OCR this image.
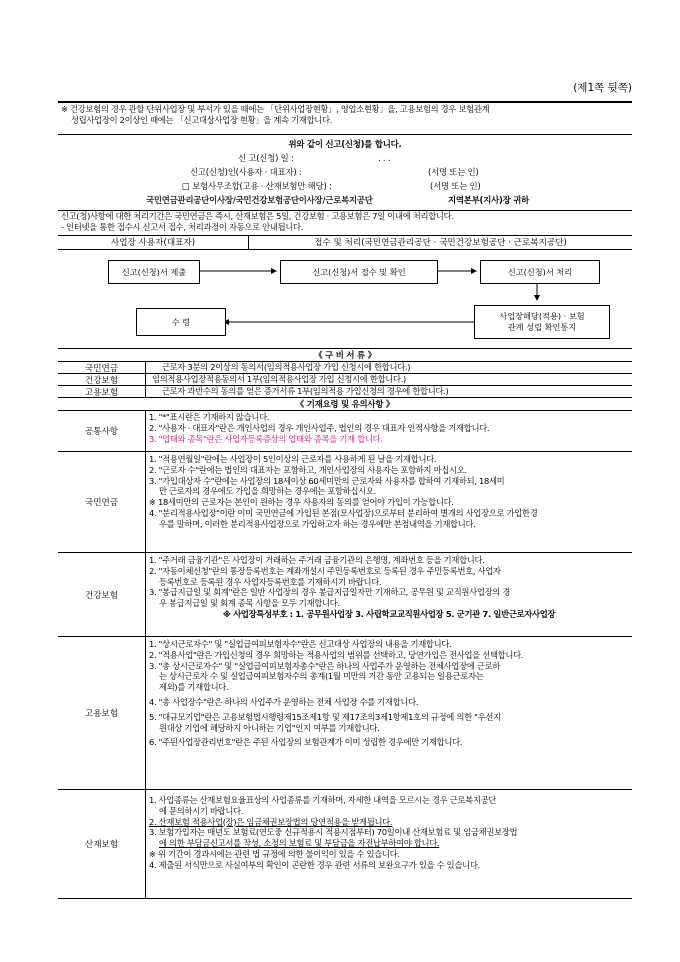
(제1쪽 뒷쪽)
※ 건강보험의 경우 관할 단위사업장 및 부서가 있을 때에는 「단위사업장현황」, 영업소현황」을, 고용보험의 경우 보험관계
성립사업장이 2이상인 때에는 「신고대상사업장 현황」을 계속 기재합니다.
위와 같이 신고(신청)를 합니다.
신 고(신청) 일 :	. . .
신고(신청)인(사용자 · 대표자) :	(서명 또는 인)
□ 보험사무조합(고용 · 산재보험만 해당) :	(서명 또는 인)
국민연금관리공단이사장/국민건강보험공단이사장/근로복지공단	지역본부(지사)장 귀하
신고(청)사항에 대한 처리기간은 국민연금은 즉시, 산재보험은 5일, 건강보험 · 고용보험은 7일 이내에 처리합니다.
- 인터넷을 통한 접수시 신고서 접수, 처리과정이 자동으로 안내됩니다.
사업장 사용자(대표자)	접수 및 처리(국민연금관리공단 · 국민건강보험공단 · 근로복지공단)
신고(신청)서 제출	신고(신청)서 접수 및 확인	신고(신청)서 처리
수 령
사업장해당(적용) · 보험
관계 성립 확인통지
《 구 비 서 류 》
국민연금	근로자 3분의 2이상의 동의서(임의적용사업장 가입 신청시에 한합니다.)
건강보험	임의적용사업장적용동의서 1부(임의적용사업장 가입 신청시에 한합니다.)
고용보험	근로자 과반수의 동의를 얻은 증거서류 1부(임의적용 가입신청의 경우에 한합니다.)
《 기재요령 및 유의사항 》
공통사항
1. "*"표시란은 기재하지 않습니다.
2. "사용자 · 대표자"란은 개인사업의 경우 개인사업주, 법인의 경우 대표자 인적사항을 기재합니다.
3. "업태와 종목"란은 사업자등록증상의 업태와 종목을 기재 합니다.
국민연금
1. "적용연월일"란에는 사업장이 5인이상의 근로자를 사용하게 된 날을 기재합니다.
2. "근로자 수"란에는 법인의 대표자는 포함하고, 개인사업장의 사용자는 포함하지 마십시오.
3. "가입대상자 수"란에는 사업장의 18세이상 60세미만의 근로자와 사용자를 합하여 기재하되, 18세미
만 근로자의 경우에도 가입을 희망하는 경우에는 포함하십시오.
※ 18세미만의 근로자는 본인이 원하는 경우 사용자의 동의를 얻어야 가입이 가능합니다.
4. "분리적용사업장"이란 이미 국민연금에 가입된 본점(모사업장)으로부터 분리하여 별개의 사업장으로 가입한경
우를 말하며, 이러한 분리적용사업장으로 가입하고자 하는 경우에만 본점내역을 기재합니다.
건강보험
1. "주거래 금융기관"은 사업장이 거래하는 주거래 금융기관의 은행명, 계좌번호 등을 기재합니다.
2. "자동이체신청"란의 통장등록번호는 계좌개설시 주민등록번호로 등록된 경우 주민등록번호, 사업자
등록번호로 등록된 경우 사업자등록번호를 기재하시기 바랍니다.
3. "봉급지급일 및 회계"란은 일반 사업장의 경우 봉급지급일자만 기재하고, 공무원 및 교직원사업장의 경
우 봉급지급일 및 회계 종목 사항을 모두 기재합니다.
※ 사업장특성부호 : 1. 공무원사업장 3. 사립학교교직원사업장 5. 군기관 7. 일반근로자사업장
고용보험
1. "상시근로자수" 및 "실업급여피보험자수"란은 신고대상 사업장의 내용을 기재합니다.
2. "적용사업"란은 가입신청의 경우 희망하는 적용사업의 범위를 선택하고, 당연가입은 전사업을 선택합니다.
3. "총 상시근로자수" 및 "실업급여피보험자총수"란은 하나의 사업주가 운영하는 전체사업장에 근로하
는 상시근로자 수 및 실업급여피보험자수의 총계(1월 미만의 기간 동안 고용되는 일용근로자는
제외)를 기재합니다.
4. "총 사업장수"란은 하나의 사업주가 운영하는 전체 사업장 수를 기재합니다.
5. "대규모기업"란은 고용보험법시행령제15조제1항 및 제17조의3제1항제1호의 규정에 의한 "우선지
원대상 기업에 해당하지 아니하는 기업"인지 여부를 기재합니다.
6. "주된사업장관리번호"란은 주된 사업장의 보험관계가 이미 성립한 경우에만 기재합니다.
산재보험
1. 사업종류는 산재보험요율표상의 사업종류를 기재하며, 자세한 내역을 모르시는 경우 근로복지공단
에 문의하시기 바랍니다.
2. 산재보험 적용사업(장)은 임금채권보장법의 당연적용을 받게됩니다.
3. 보험가입자는 매년도 보험료(연도중 신규적용시 적용시점부터) 70일이내 산재보험료 및 임금채권보장법
에 의한 부담금신고서를 작성, 소정의 보험료 및 부담금을 자진납부하여야 합니다.
※ 위 기간이 경과시에는 관련 법 규정에 의한 불이익이 있을 수 있습니다.
4. 제출된 서식만으로 사실여부의 확인이 곤란한 경우 관련 서류의 보완요구가 있을 수 있습니다.
